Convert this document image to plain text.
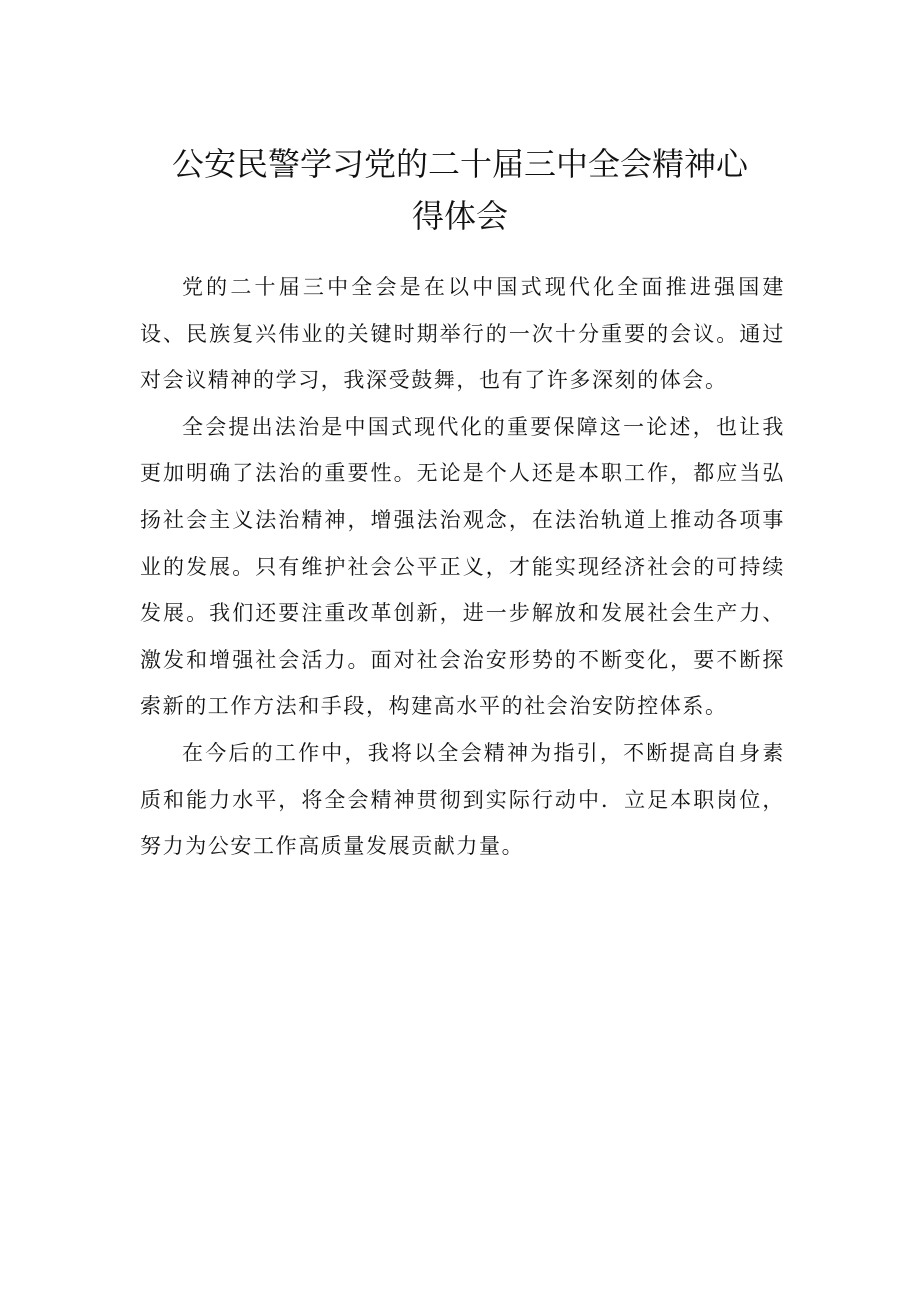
公安民警学习党的二十届三中全会精神心
得体会

党的二十届三中全会是在以中国式现代化全面推进强国建设、民族复兴伟业的关键时期举行的一次十分重要的会议。通过对会议精神的学习，我深受鼓舞，也有了许多深刻的体会。

全会提出法治是中国式现代化的重要保障这一论述，也让我更加明确了法治的重要性。无论是个人还是本职工作，都应当弘扬社会主义法治精神，增强法治观念，在法治轨道上推动各项事业的发展。只有维护社会公平正义，才能实现经济社会的可持续发展。我们还要注重改革创新，进一步解放和发展社会生产力、激发和增强社会活力。面对社会治安形势的不断变化，要不断探索新的工作方法和手段，构建高水平的社会治安防控体系。

在今后的工作中，我将以全会精神为指引，不断提高自身素质和能力水平，将全会精神贯彻到实际行动中．立足本职岗位，努力为公安工作高质量发展贡献力量。
